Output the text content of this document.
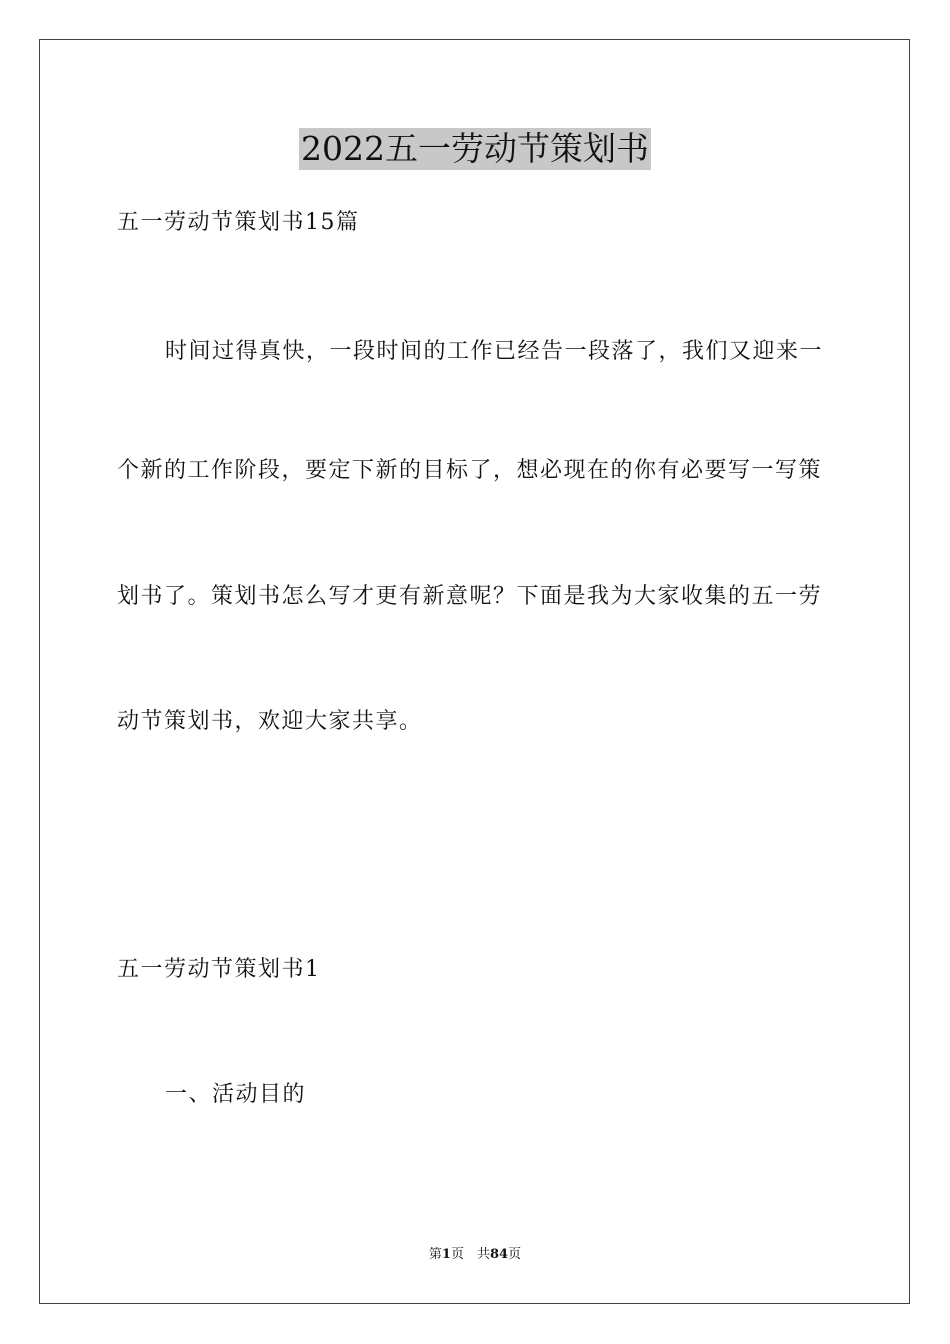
2022五一劳动节策划书
五一劳动节策划书15篇
时间过得真快，一段时间的工作已经告一段落了，我们又迎来一
个新的工作阶段，要定下新的目标了，想必现在的你有必要写一写策
划书了。策划书怎么写才更有新意呢？下面是我为大家收集的五一劳
动节策划书，欢迎大家共享。
五一劳动节策划书1
一、活动目的
第1页　共84页
